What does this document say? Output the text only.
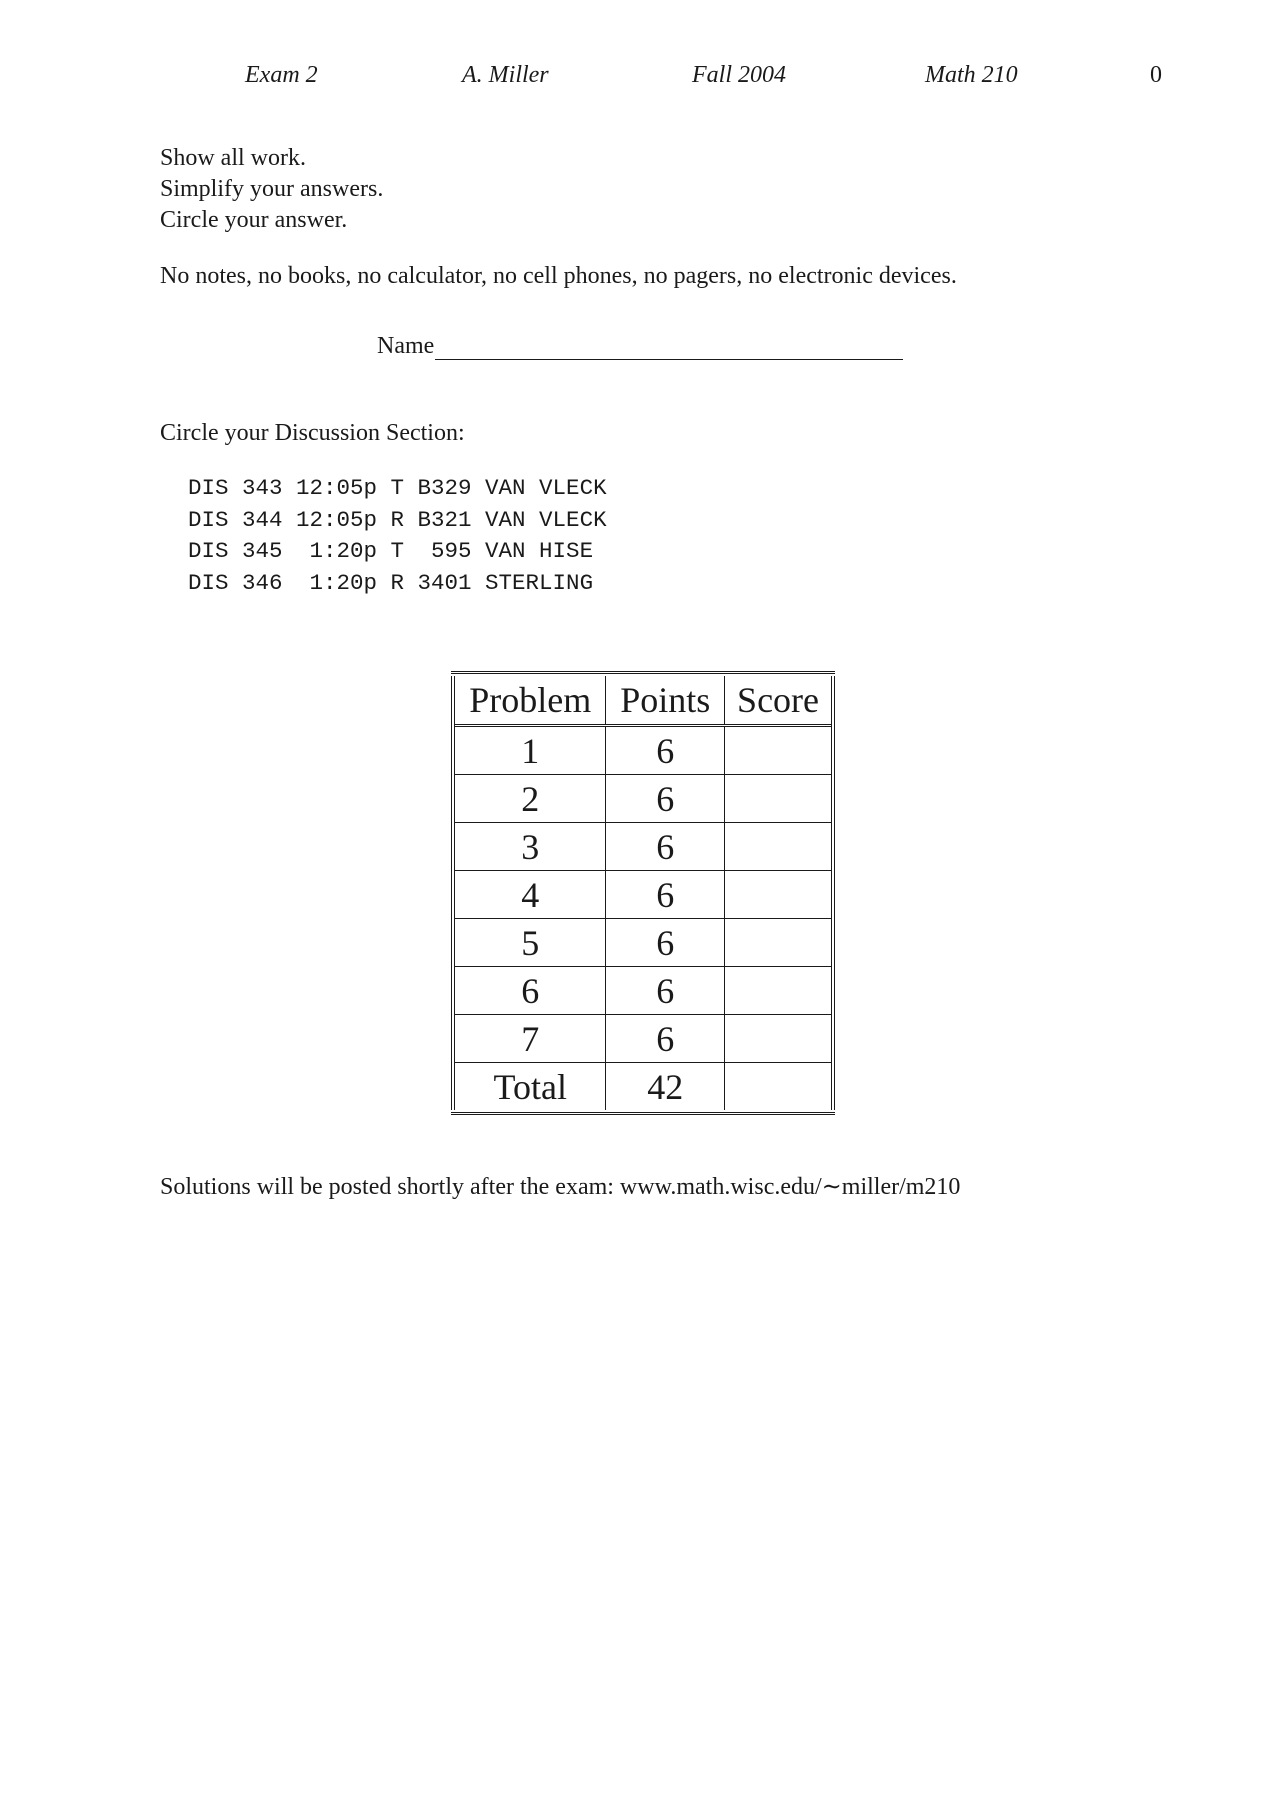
Exam 2	A. Miller	Fall 2004	Math 210	0
Show all work.
Simplify your answers.
Circle your answer.
No notes, no books, no calculator, no cell phones, no pagers, no electronic devices.
Name
Circle your Discussion Section:
DIS 343 12:05p T B329 VAN VLECK
DIS 344 12:05p R B321 VAN VLECK
DIS 345  1:20p T  595 VAN HISE
DIS 346  1:20p R 3401 STERLING
Problem	Points	Score
1	6	
2	6	
3	6	
4	6	
5	6	
6	6	
7	6	
Total	42	
Solutions will be posted shortly after the exam: www.math.wisc.edu/∼miller/m210
